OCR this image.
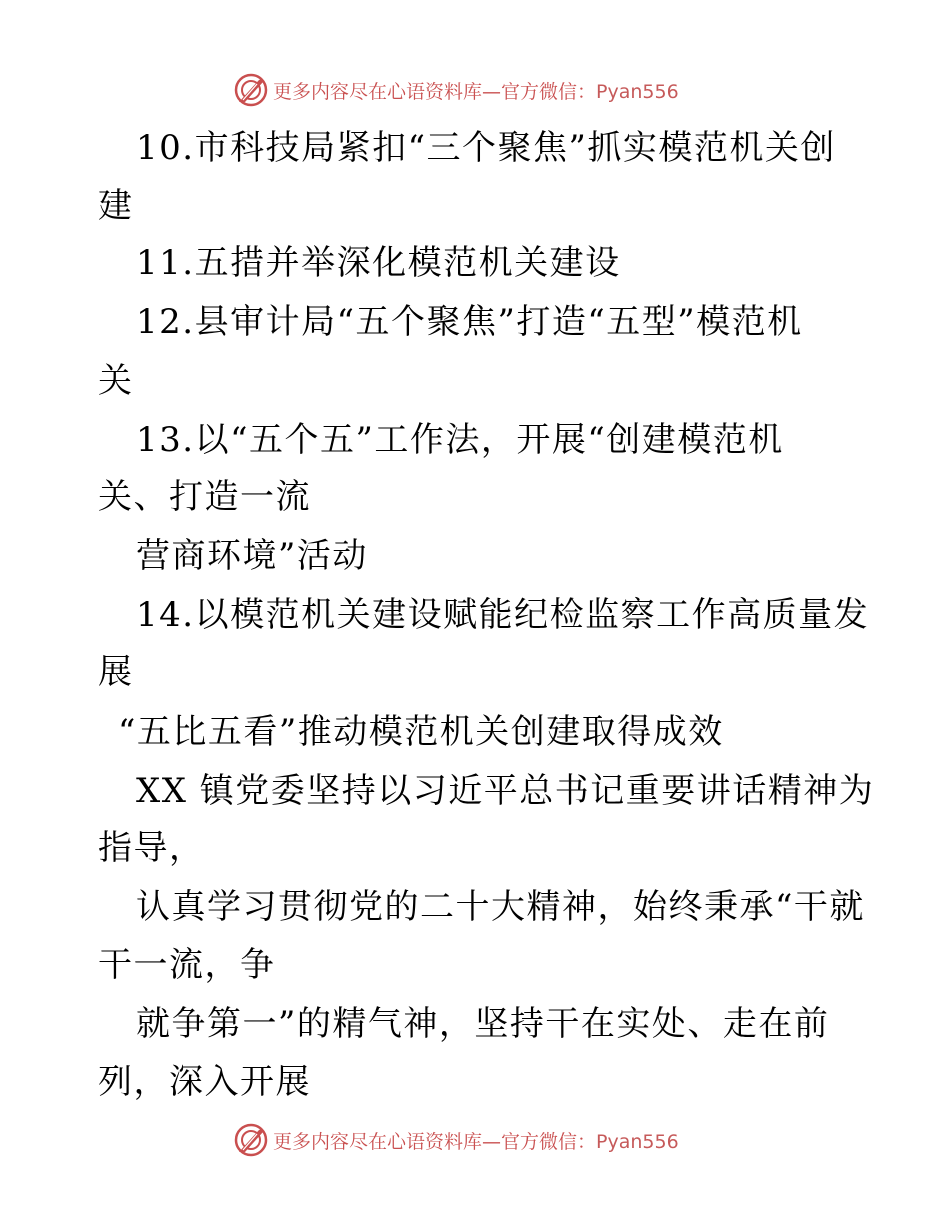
更多内容尽在心语资料库—官方微信：Pyan556

10.市科技局紧扣“三个聚焦”抓实模范机关创

建

11.五措并举深化模范机关建设

12.县审计局“五个聚焦”打造“五型”模范机

关

13.以“五个五”工作法，开展“创建模范机

关、打造一流

营商环境”活动

14.以模范机关建设赋能纪检监察工作高质量发

展

“五比五看”推动模范机关创建取得成效

XX 镇党委坚持以习近平总书记重要讲话精神为

指导，

认真学习贯彻党的二十大精神，始终秉承“干就

干一流，争

就争第一”的精气神，坚持干在实处、走在前

列，深入开展

更多内容尽在心语资料库—官方微信：Pyan556
